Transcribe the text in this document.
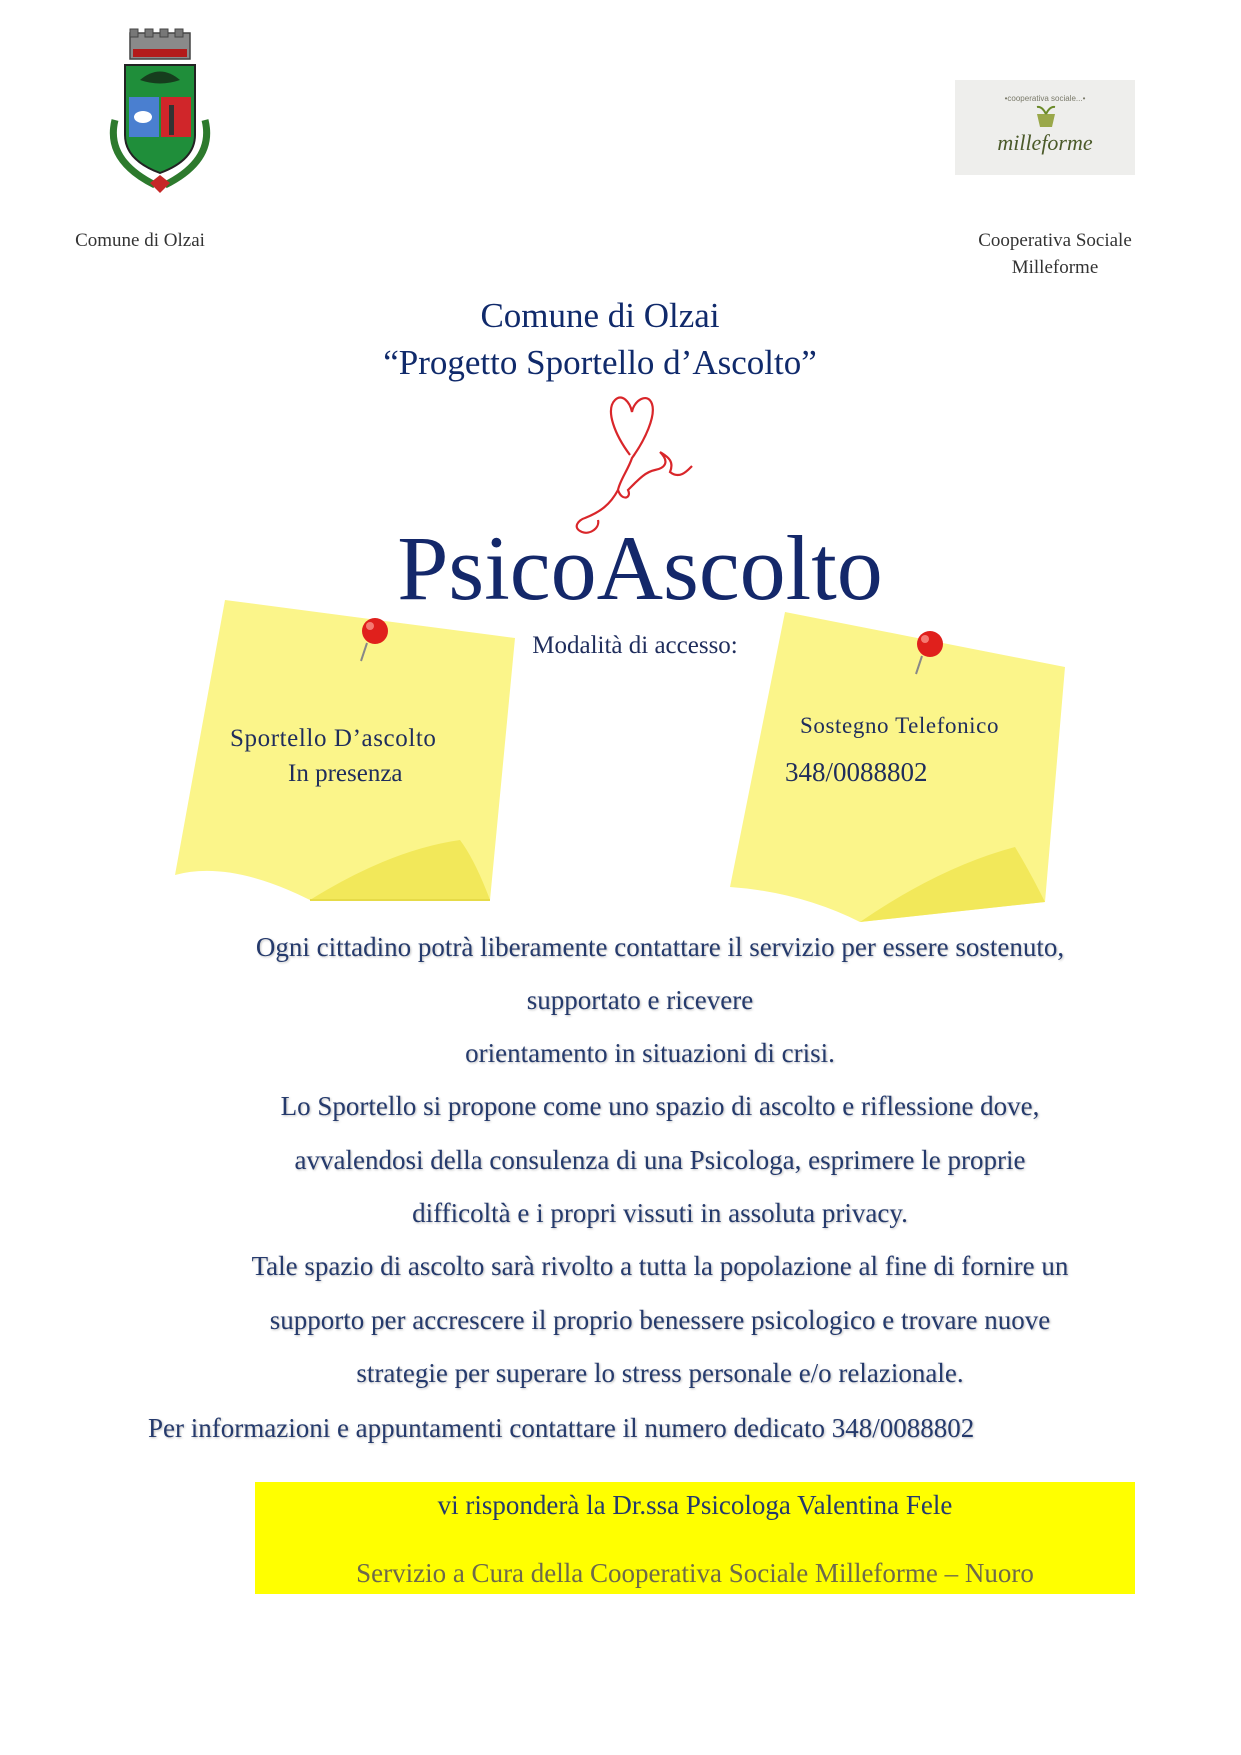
•cooperativa sociale...•
milleforme
Comune di Olzai	Cooperativa Sociale
Milleforme
Comune di Olzai
“Progetto Sportello d’Ascolto”
PsicoAscolto
Modalità di accesso:
Sportello D’ascolto
In presenza
Sostegno Telefonico
348/0088802
Ogni cittadino potrà liberamente contattare il servizio per essere sostenuto,
supportato e ricevere
orientamento in situazioni di crisi.
Lo Sportello si propone come uno spazio di ascolto e riflessione dove,
avvalendosi della consulenza di una Psicologa, esprimere le proprie
difficoltà e i propri vissuti in assoluta privacy.
Tale spazio di ascolto sarà rivolto a tutta la popolazione al fine di fornire un
supporto per accrescere il proprio benessere psicologico e trovare nuove
strategie per superare lo stress personale e/o relazionale.
Per informazioni e appuntamenti contattare il numero dedicato 348/0088802
vi risponderà la Dr.ssa Psicologa Valentina Fele
Servizio a Cura della Cooperativa Sociale Milleforme – Nuoro
